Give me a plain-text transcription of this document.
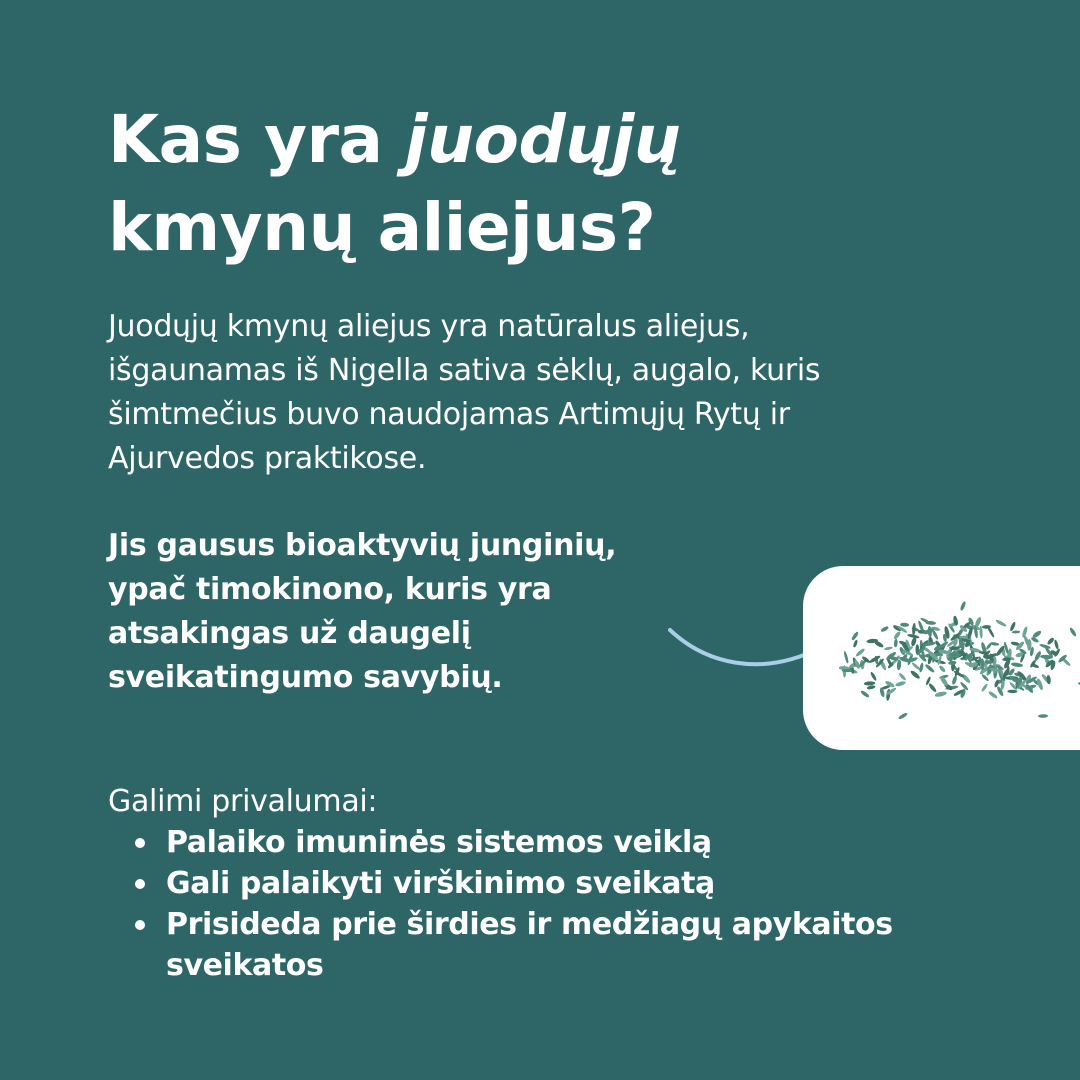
Kas yra juodųjų
kmynų aliejus?

Juodųjų kmynų aliejus yra natūralus aliejus,
išgaunamas iš Nigella sativa sėklų, augalo, kuris
šimtmečius buvo naudojamas Artimųjų Rytų ir
Ajurvedos praktikose.

Jis gausus bioaktyvių junginių,
ypač timokinono, kuris yra
atsakingas už daugelį
sveikatingumo savybių.

Galimi privalumai:

Palaiko imuninės sistemos veiklą
Gali palaikyti virškinimo sveikatą
Prisideda prie širdies ir medžiagų apykaitos sveikatos
